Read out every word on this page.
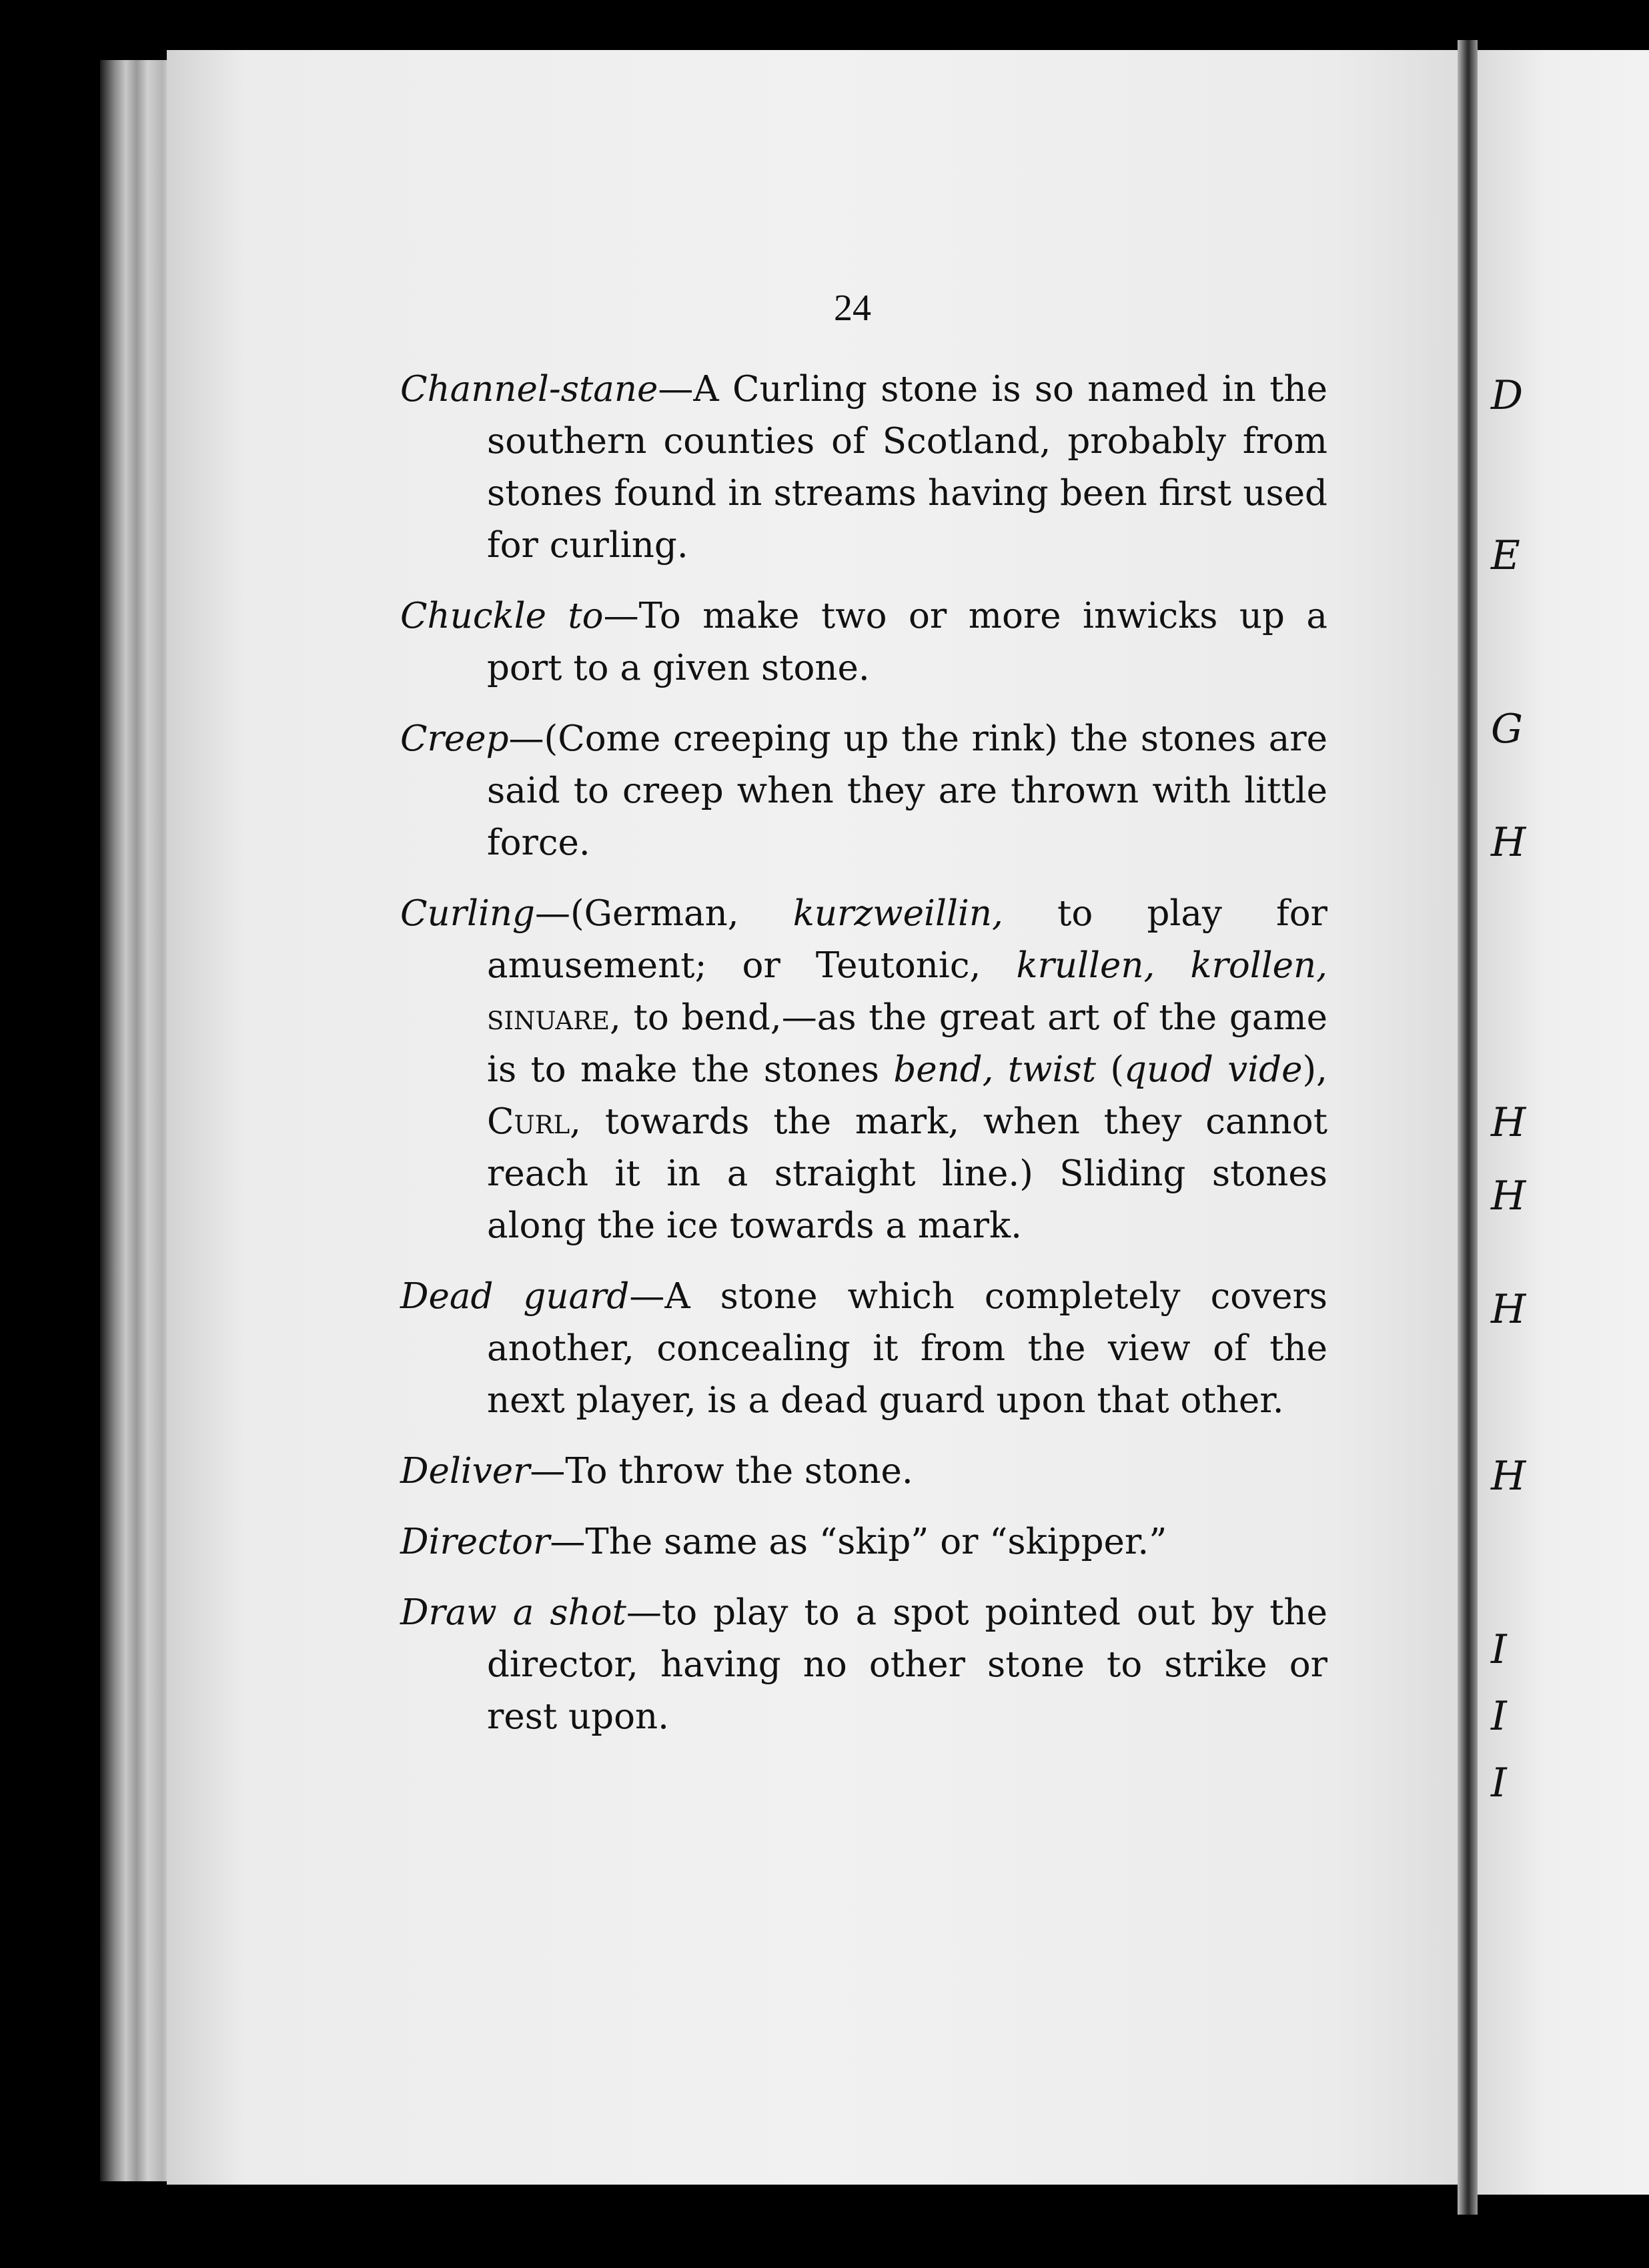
D
E
G
H
H
H
H
H
I
I
I
24

Channel-stane—A Curling stone is so named in the southern counties of Scotland, probably from stones found in streams having been first used for curling.

Chuckle to—To make two or more inwicks up a port to a given stone.

Creep—(Come creeping up the rink) the stones are said to creep when they are thrown with little force.

Curling—(German, kurzweillin, to play for amusement; or Teutonic, krullen, krollen, sinuare, to bend,—as the great art of the game is to make the stones bend, twist (quod vide), Curl, towards the mark, when they cannot reach it in a straight line.) Sliding stones along the ice towards a mark.

Dead guard—A stone which completely covers another, concealing it from the view of the next player, is a dead guard upon that other.

Deliver—To throw the stone.

Director—The same as “skip” or “skipper.”

Draw a shot—to play to a spot pointed out by the director, having no other stone to strike or rest upon.
